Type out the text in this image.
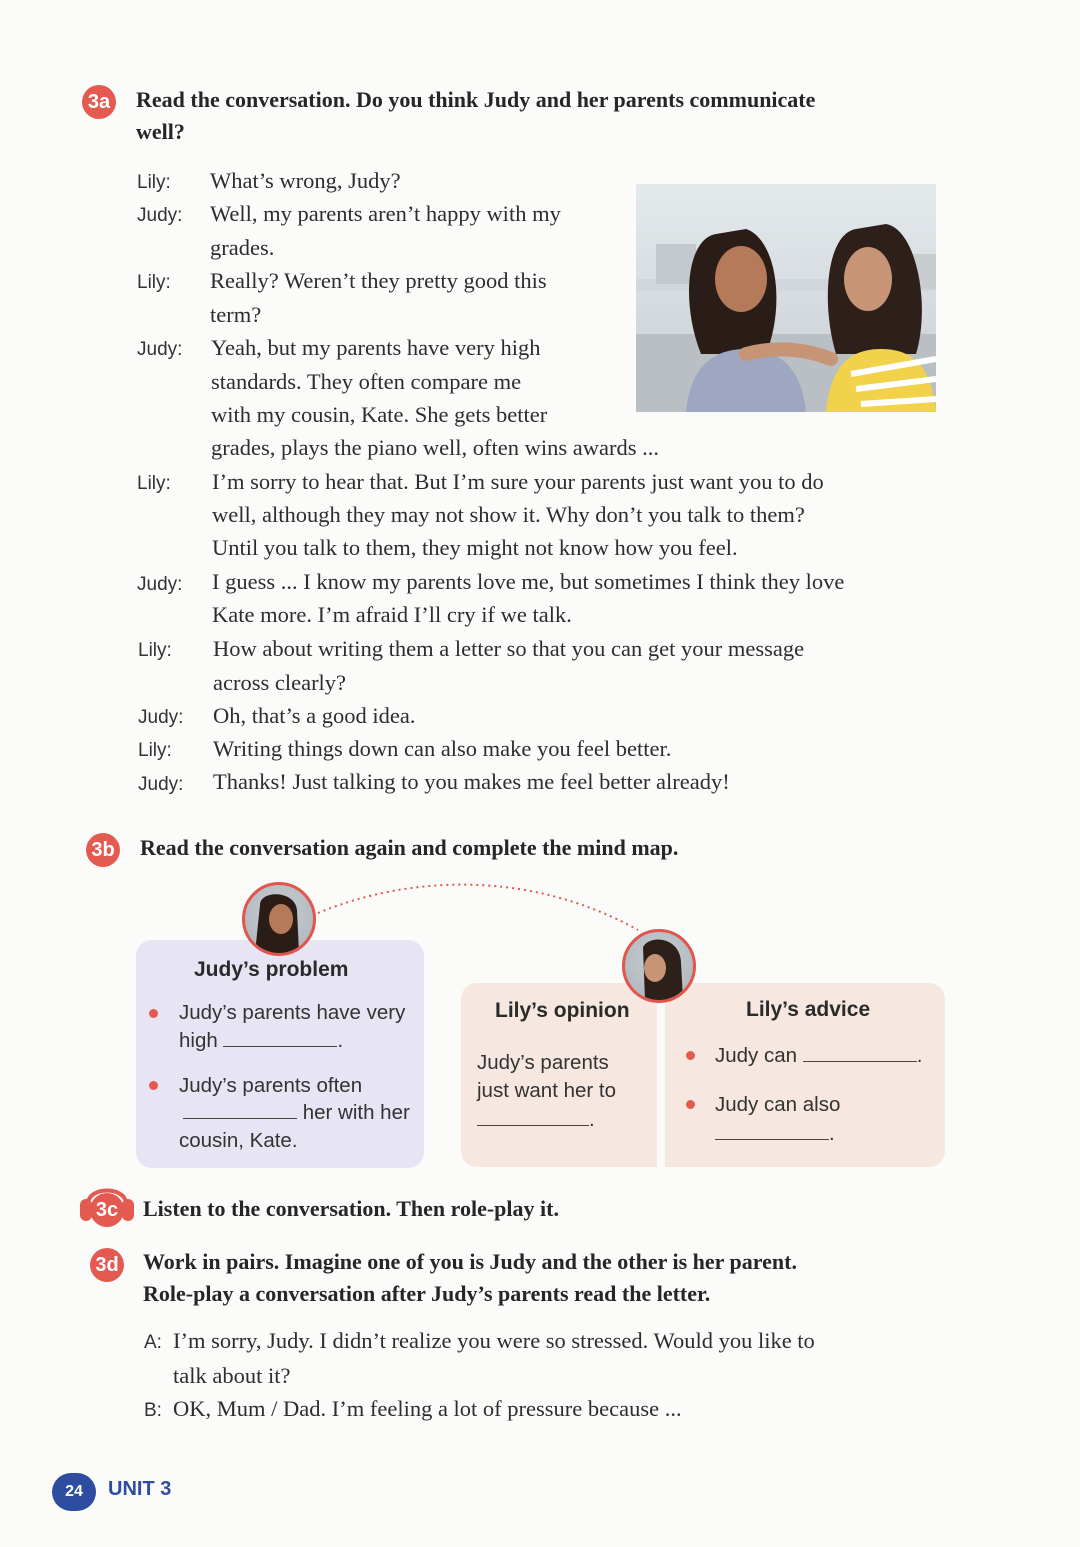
3a Read the conversation. Do you think Judy and her parents communicate
well?
Lily: What’s wrong, Judy?
Judy: Well, my parents aren’t happy with my
grades.
Lily: Really? Weren’t they pretty good this
term?
Judy: Yeah, but my parents have very high
standards. They often compare me
with my cousin, Kate. She gets better
grades, plays the piano well, often wins awards ...
Lily: I’m sorry to hear that. But I’m sure your parents just want you to do
well, although they may not show it. Why don’t you talk to them?
Until you talk to them, they might not know how you feel.
Judy: I guess ... I know my parents love me, but sometimes I think they love
Kate more. I’m afraid I’ll cry if we talk.
Lily: How about writing them a letter so that you can get your message
across clearly?
Judy: Oh, that’s a good idea.
Lily: Writing things down can also make you feel better.
Judy: Thanks! Just talking to you makes me feel better already!
3b Read the conversation again and complete the mind map.
Judy’s problem
Judy’s parents have very
high	.
Judy’s parents often
her with her
cousin, Kate.
Lily’s opinion
Judy’s parents
just want her to
.
Lily’s advice
Judy can	.
Judy can also
.
3c Listen to the conversation. Then role-play it.
3d Work in pairs. Imagine one of you is Judy and the other is her parent.
Role-play a conversation after Judy’s parents read the letter.
A: I’m sorry, Judy. I didn’t realize you were so stressed. Would you like to
talk about it?
B: OK, Mum / Dad. I’m feeling a lot of pressure because ...
24	UNIT 3
